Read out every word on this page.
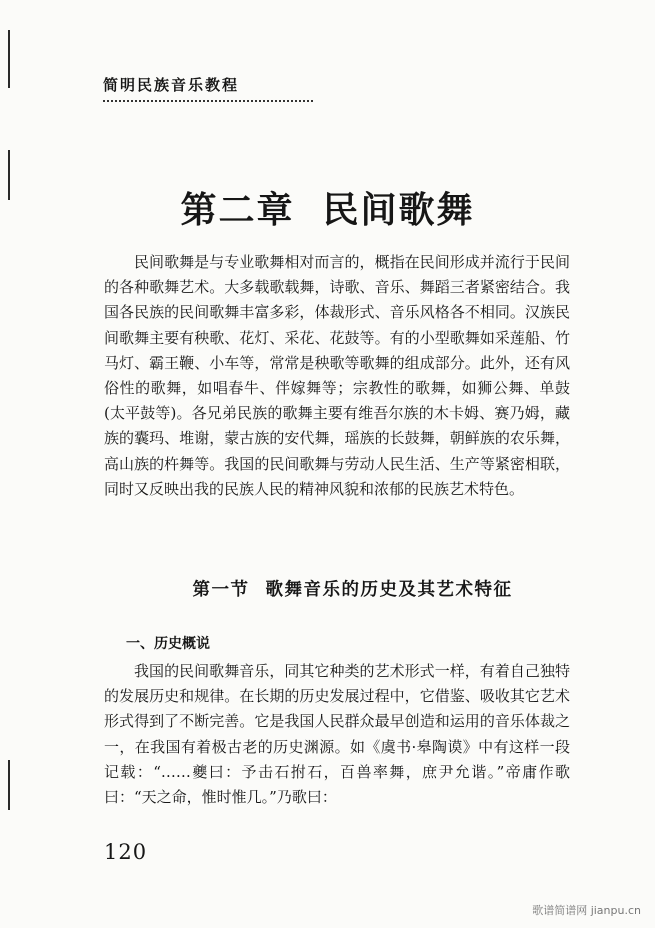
简明民族音乐教程
第二章 民间歌舞

民间歌舞是与专业歌舞相对而言的，概指在民间形成并流行于民间的各种歌舞艺术。大多载歌载舞，诗歌、音乐、舞蹈三者紧密结合。我国各民族的民间歌舞丰富多彩，体裁形式、音乐风格各不相同。汉族民间歌舞主要有秧歌、花灯、采花、花鼓等。有的小型歌舞如采莲船、竹马灯、霸王鞭、小车等，常常是秧歌等歌舞的组成部分。此外，还有风俗性的歌舞，如唱春牛、伴嫁舞等；宗教性的歌舞，如狮公舞、单鼓(太平鼓等)。各兄弟民族的歌舞主要有维吾尔族的木卡姆、赛乃姆，藏族的囊玛、堆谢，蒙古族的安代舞，瑶族的长鼓舞，朝鲜族的农乐舞，高山族的杵舞等。我国的民间歌舞与劳动人民生活、生产等紧密相联，同时又反映出我的民族人民的精神风貌和浓郁的民族艺术特色。

第一节 歌舞音乐的历史及其艺术特征
一、历史概说

我国的民间歌舞音乐，同其它种类的艺术形式一样，有着自己独特的发展历史和规律。在长期的历史发展过程中，它借鉴、吸收其它艺术形式得到了不断完善。它是我国人民群众最早创造和运用的音乐体裁之一，在我国有着极古老的历史渊源。如《虞书·皋陶谟》中有这样一段记载：“……夔曰：予击石拊石，百兽率舞，庶尹允谐。”帝庸作歌曰：“天之命，惟时惟几。”乃歌曰：

120
歌谱简谱网 jianpu.cn
